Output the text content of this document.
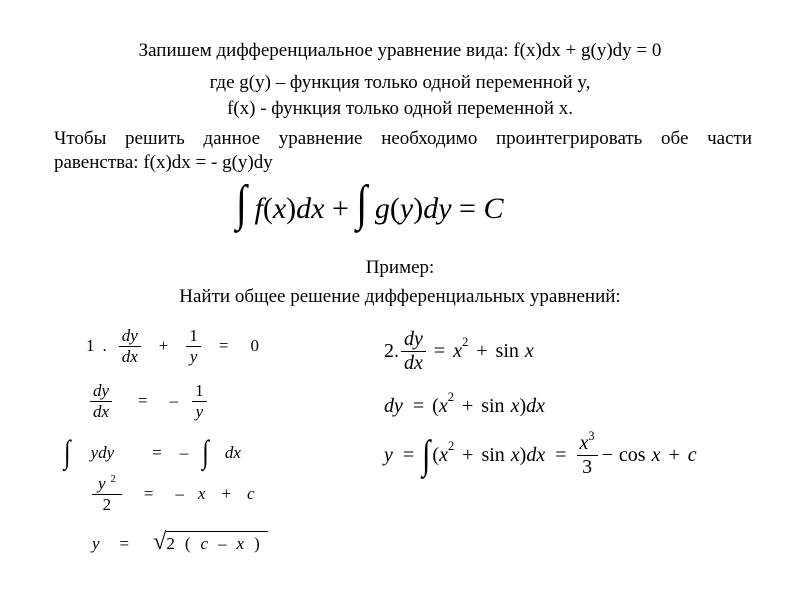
Запишем дифференциальное уравнение вида: f(x)dx + g(y)dy = 0
где g(y) – функция только одной переменной y,
f(x) - функция только одной переменной x.
Чтобы решить данное уравнение необходимо проинтегрировать обе части
равенства: f(x)dx = - g(y)dy
∫ f(x)dx + ∫ g(y)dy = C
Пример:
Найти общее решение дифференциальных уравнений:
1 . $\frac{dy}{dx} + \frac{1}{y} = 0$
$\frac{dy}{dx}$ = – $\frac{1}{y}$
∫ ydy = – ∫ dx
$\frac{y ^2}{2}$ = – x + c
y = √ 2 ( c – x )
2. $\frac{dy}{dx} = x$ 2 + sin x
dy = ( x 2 + sin x ) dx
y = ∫ ( x 2 + sin x ) dx = $\frac{x^3}{3} - \cos x + c$
